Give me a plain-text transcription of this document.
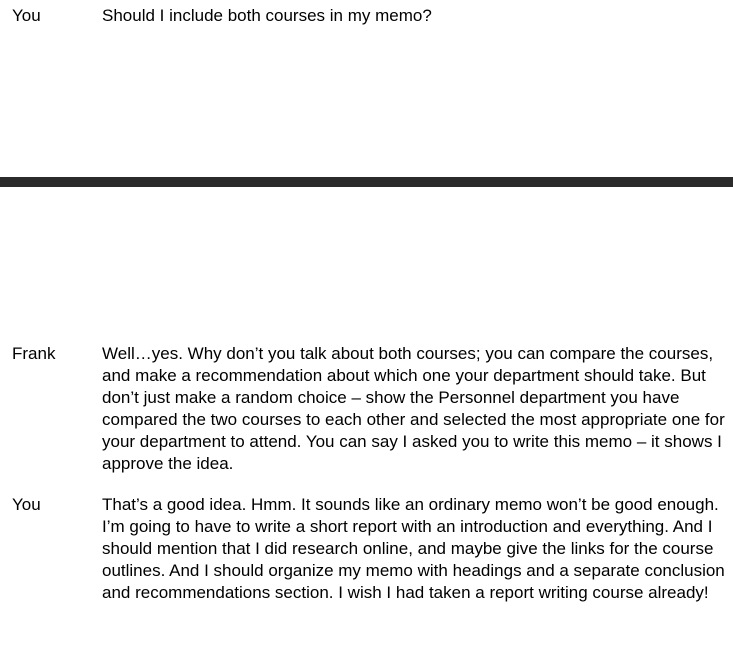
You	Should I include both courses in my memo?
Frank	Well…yes. Why don’t you talk about both courses; you can compare the courses, and make a recommendation about which one your department should take. But don’t just make a random choice – show the Personnel department you have compared the two courses to each other and selected the most appropriate one for your department to attend. You can say I asked you to write this memo – it shows I approve the idea.
You	That’s a good idea. Hmm. It sounds like an ordinary memo won’t be good enough. I’m going to have to write a short report with an introduction and everything. And I should mention that I did research online, and maybe give the links for the course outlines. And I should organize my memo with headings and a separate conclusion and recommendations section. I wish I had taken a report writing course already!
